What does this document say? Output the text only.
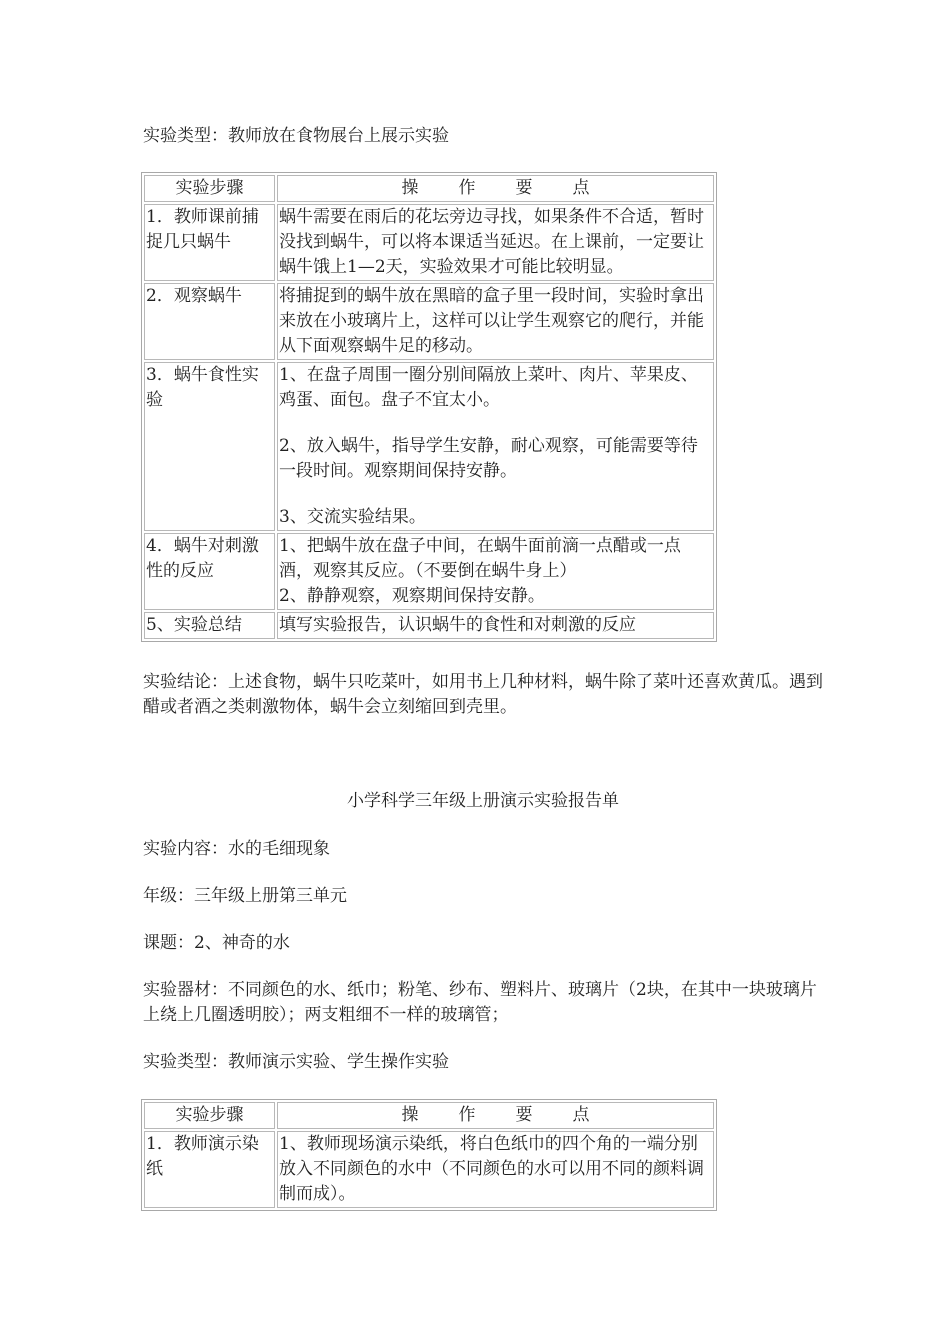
实验类型：教师放在食物展台上展示实验

实验步骤	操 作 要 点
1．教师课前捕捉几只蜗牛	蜗牛需要在雨后的花坛旁边寻找，如果条件不合适，暂时没找到蜗牛，可以将本课适当延迟。在上课前，一定要让蜗牛饿上1—2天，实验效果才可能比较明显。
2．观察蜗牛	将捕捉到的蜗牛放在黑暗的盒子里一段时间，实验时拿出来放在小玻璃片上，这样可以让学生观察它的爬行，并能从下面观察蜗牛足的移动。
3．蜗牛食性实验	1、在盘子周围一圈分别间隔放上菜叶、肉片、苹果皮、鸡蛋、面包。盘子不宜太小。
2、放入蜗牛，指导学生安静，耐心观察，可能需要等待一段时间。观察期间保持安静。
3、交流实验结果。

4．蜗牛对刺激性的反应	1、把蜗牛放在盘子中间，在蜗牛面前滴一点醋或一点酒，观察其反应。（不要倒在蜗牛身上）
2、静静观察，观察期间保持安静。

5、实验总结	填写实验报告，认识蜗牛的食性和对刺激的反应

实验结论：上述食物，蜗牛只吃菜叶，如用书上几种材料，蜗牛除了菜叶还喜欢黄瓜。遇到醋或者酒之类刺激物体，蜗牛会立刻缩回到壳里。

小学科学三年级上册演示实验报告单

实验内容：水的毛细现象

年级：三年级上册第三单元

课题：2、神奇的水

实验器材：不同颜色的水、纸巾；粉笔、纱布、塑料片、玻璃片（2块，在其中一块玻璃片上绕上几圈透明胶）；两支粗细不一样的玻璃管；

实验类型：教师演示实验、学生操作实验

实验步骤	操 作 要 点
1．教师演示染纸	1、教师现场演示染纸，将白色纸巾的四个角的一端分别放入不同颜色的水中（不同颜色的水可以用不同的颜料调制而成）。
